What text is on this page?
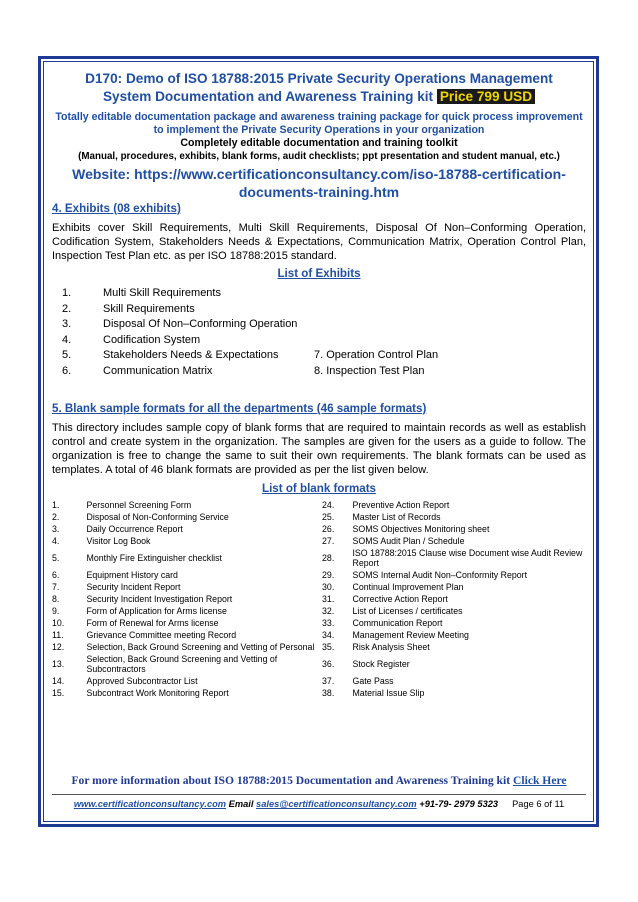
D170: Demo of ISO 18788:2015 Private Security Operations Management
System Documentation and Awareness Training kit Price 799 USD
Totally editable documentation package and awareness training package for quick process improvement to implement the Private Security Operations in your organization
Completely editable documentation and training toolkit
(Manual, procedures, exhibits, blank forms, audit checklists; ppt presentation and student manual, etc.)
Website: https://www.certificationconsultancy.com/iso-18788-certification-documents-training.htm
4. Exhibits (08 exhibits)
Exhibits cover Skill Requirements, Multi Skill Requirements, Disposal Of Non–Conforming Operation, Codification System, Stakeholders Needs & Expectations, Communication Matrix, Operation Control Plan, Inspection Test Plan etc. as per ISO 18788:2015 standard.
List of Exhibits
1.	Multi Skill Requirements
2.	Skill Requirements
3.	Disposal Of Non–Conforming Operation
4.	Codification System
5.	Stakeholders Needs & Expectations	7. Operation Control Plan
6.	Communication Matrix	8. Inspection Test Plan
5. Blank sample formats for all the departments (46 sample formats)
This directory includes sample copy of blank forms that are required to maintain records as well as establish control and create system in the organization. The samples are given for the users as a guide to follow. The organization is free to change the same to suit their own requirements. The blank formats can be used as templates. A total of 46 blank formats are provided as per the list given below.
List of blank formats
1.	Personnel Screening Form	24.	Preventive Action Report
2.	Disposal of Non-Conforming Service	25.	Master List of Records
3.	Daily Occurrence Report	26.	SOMS Objectives Monitoring sheet
4.	Visitor Log Book	27.	SOMS Audit Plan / Schedule
5.	Monthly Fire Extinguisher checklist	28.	ISO 18788:2015 Clause wise Document wise Audit Review Report
6.	Equipment History card	29.	SOMS Internal Audit Non–Conformity Report
7.	Security Incident Report	30.	Continual Improvement Plan
8.	Security Incident Investigation Report	31.	Corrective Action Report
9.	Form of Application for Arms license	32.	List of Licenses / certificates
10.	Form of Renewal for Arms license	33.	Communication Report
11.	Grievance Committee meeting Record	34.	Management Review Meeting
12.	Selection, Back Ground Screening and Vetting of Personal	35.	Risk Analysis Sheet
13.	Selection, Back Ground Screening and Vetting of Subcontractors	36.	Stock Register
14.	Approved Subcontractor List	37.	Gate Pass
15.	Subcontract Work Monitoring Report	38.	Material Issue Slip
For more information about ISO 18788:2015 Documentation and Awareness Training kit Click Here
www.certificationconsultancy.com Email sales@certificationconsultancy.com +91-79- 2979 5323 Page 6 of 11
